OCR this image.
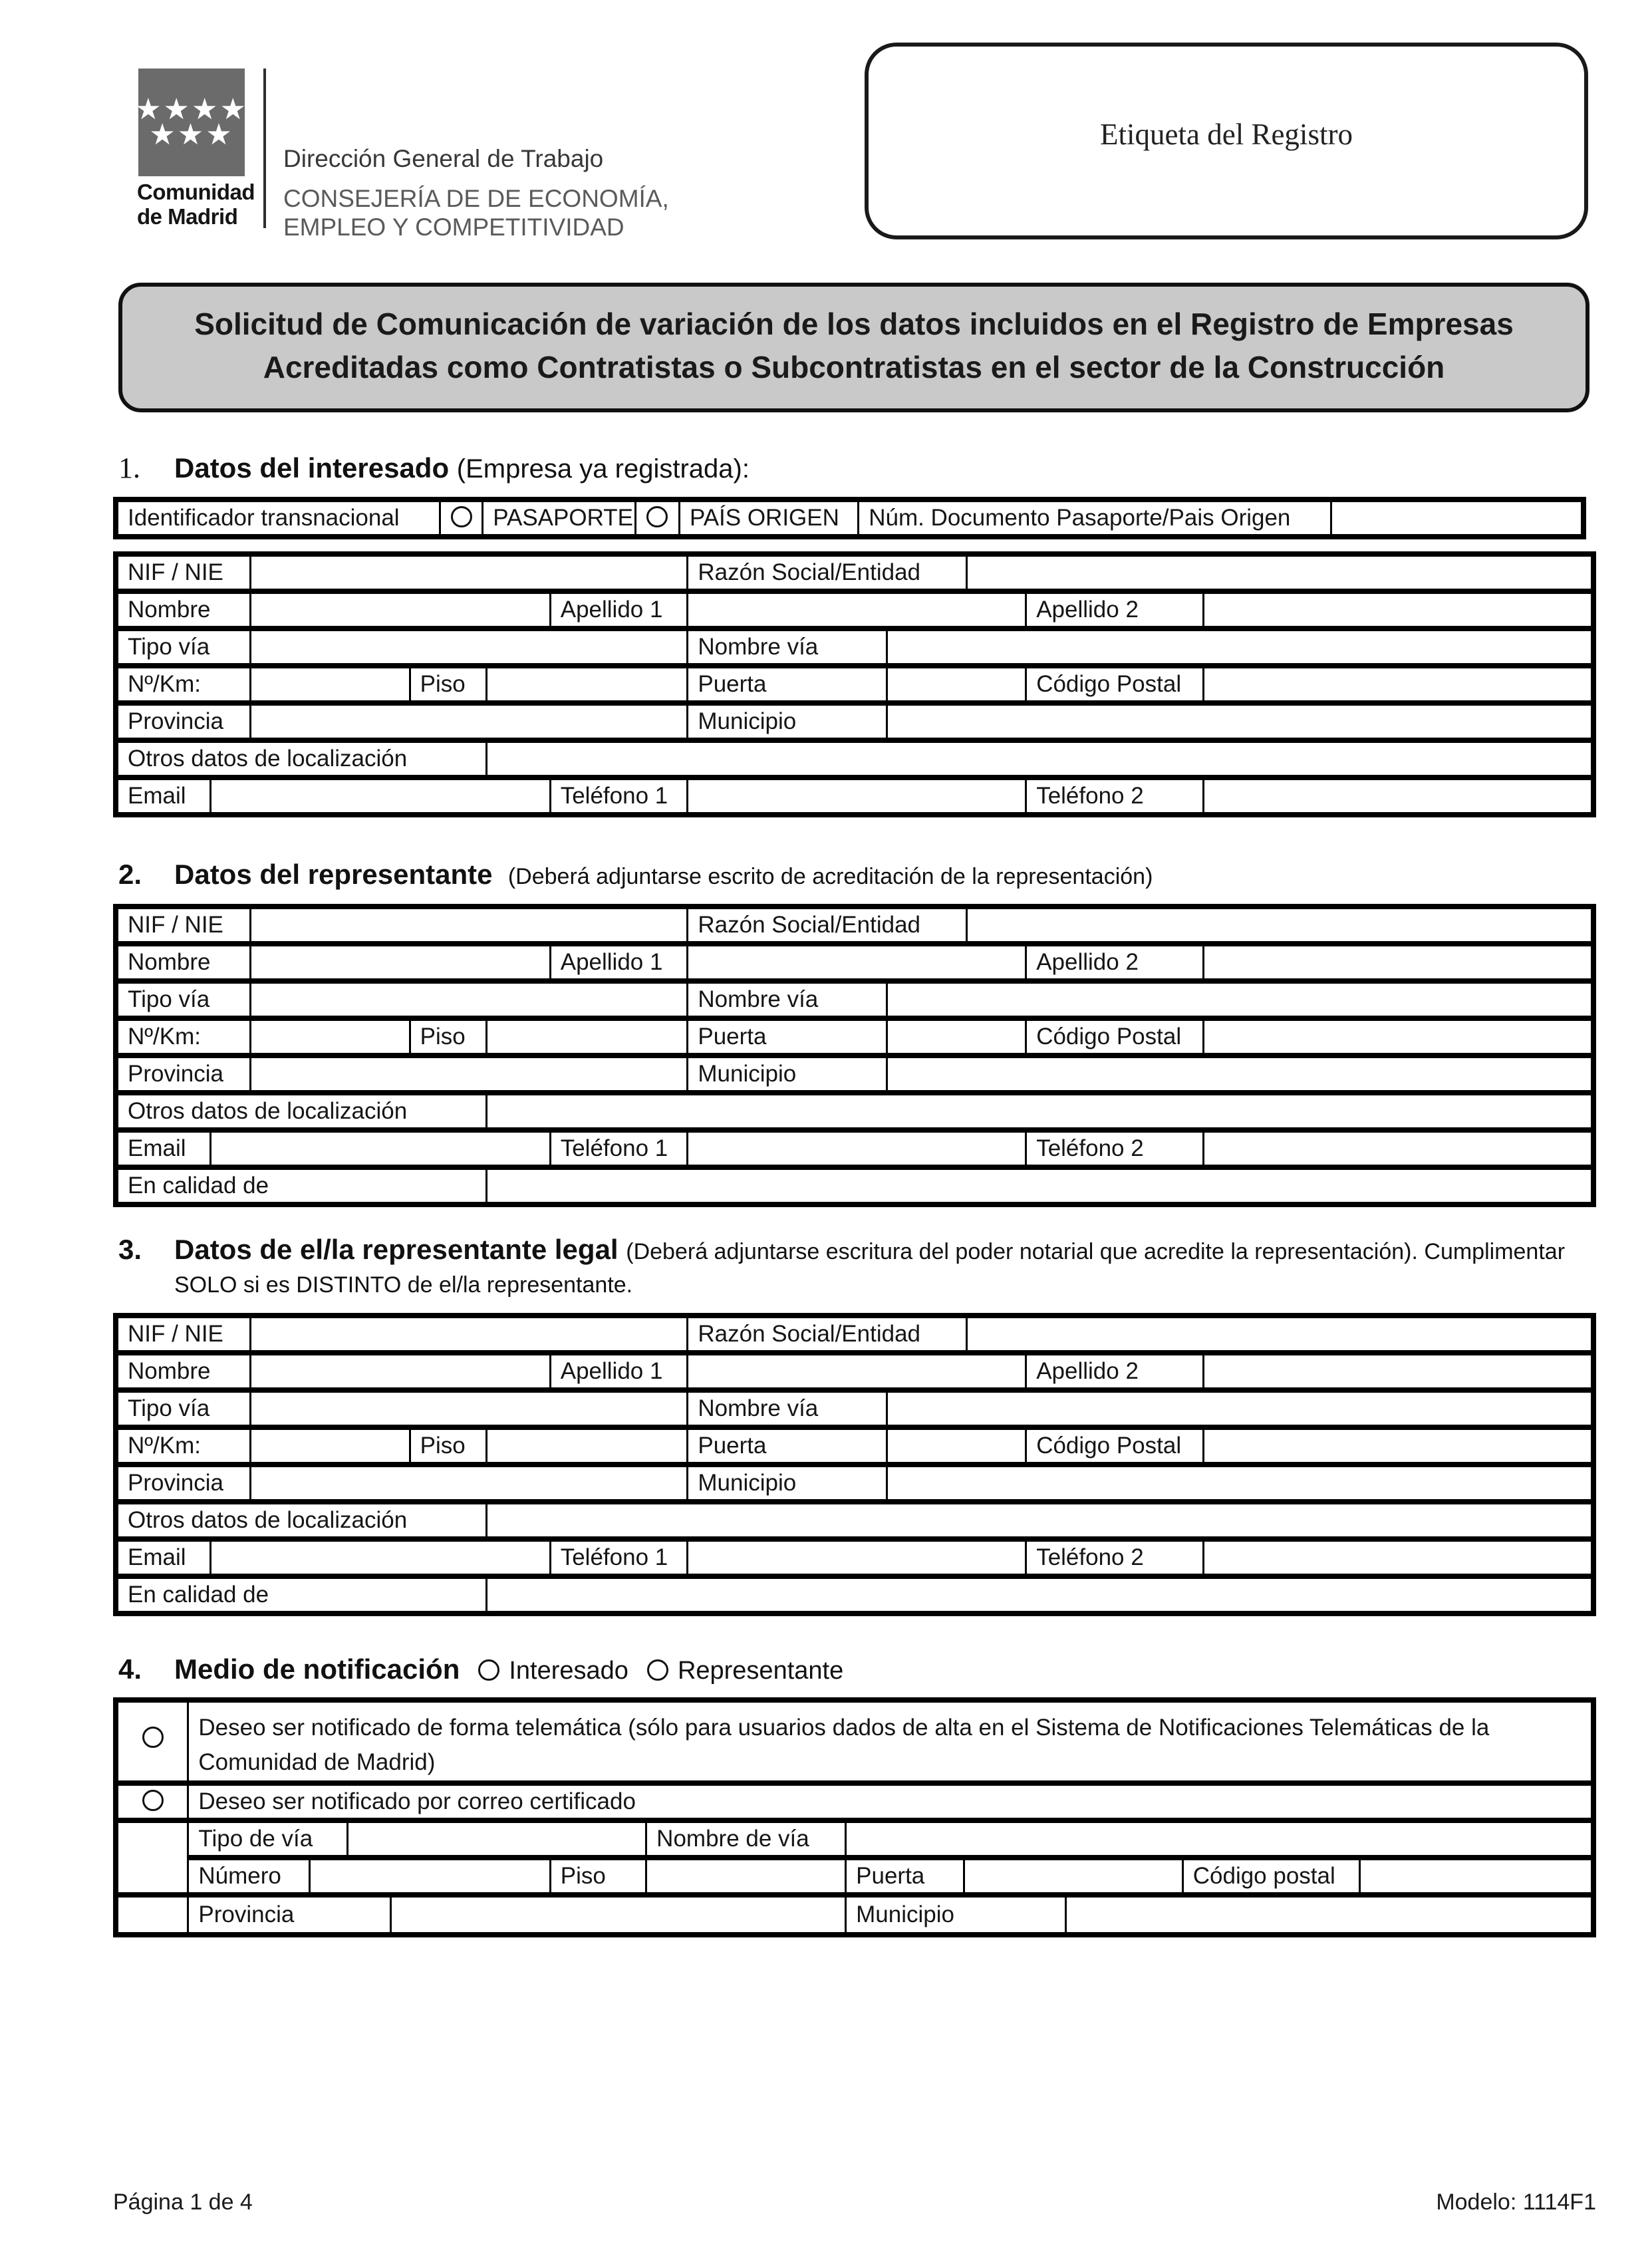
★★★★
★★★
Comunidad
de Madrid
Dirección General de Trabajo
CONSEJERÍA DE DE ECONOMÍA,
EMPLEO Y COMPETITIVIDAD
Etiqueta del Registro
Solicitud de Comunicación de variación de los datos incluidos en el Registro de Empresas Acreditadas como Contratistas o Subcontratistas en el sector de la Construcción
1.	Datos del interesado (Empresa ya registrada):
Identificador transnacional		PASAPORTE		PAÍS ORIGEN	Núm. Documento Pasaporte/Pais Origen	
NIF / NIE						Razón Social/Entidad				
Nombre					Apellido 1				Apellido 2	
Tipo vía						Nombre vía				
Nº/Km:			Piso			Puerta			Código Postal	
Provincia						Municipio				
Otros datos de localización										
Email					Teléfono 1				Teléfono 2	
2.	Datos del representante (Deberá adjuntarse escrito de acreditación de la representación)
NIF / NIE						Razón Social/Entidad				
Nombre					Apellido 1				Apellido 2	
Tipo vía						Nombre vía				
Nº/Km:			Piso			Puerta			Código Postal	
Provincia						Municipio				
Otros datos de localización										
Email					Teléfono 1				Teléfono 2	
En calidad de										
3.	Datos de el/la representante legal (Deberá adjuntarse escritura del poder notarial que acredite la representación). Cumplimentar
SOLO si es DISTINTO de el/la representante.
NIF / NIE						Razón Social/Entidad				
Nombre					Apellido 1				Apellido 2	
Tipo vía						Nombre vía				
Nº/Km:			Piso			Puerta			Código Postal	
Provincia						Municipio				
Otros datos de localización										
Email					Teléfono 1				Teléfono 2	
En calidad de										
4.	Medio de notificación Interesado Representante
	Deseo ser notificado de forma telemática (sólo para usuarios dados de alta en el Sistema de Notificaciones Telemáticas de la Comunidad de Madrid)										
	Deseo ser notificado por correo certificado										
	Tipo de vía					Nombre de vía					
	Número				Piso		Puerta			Código postal	
	Provincia						Municipio				
Página 1 de 4	Modelo: 1114F1
